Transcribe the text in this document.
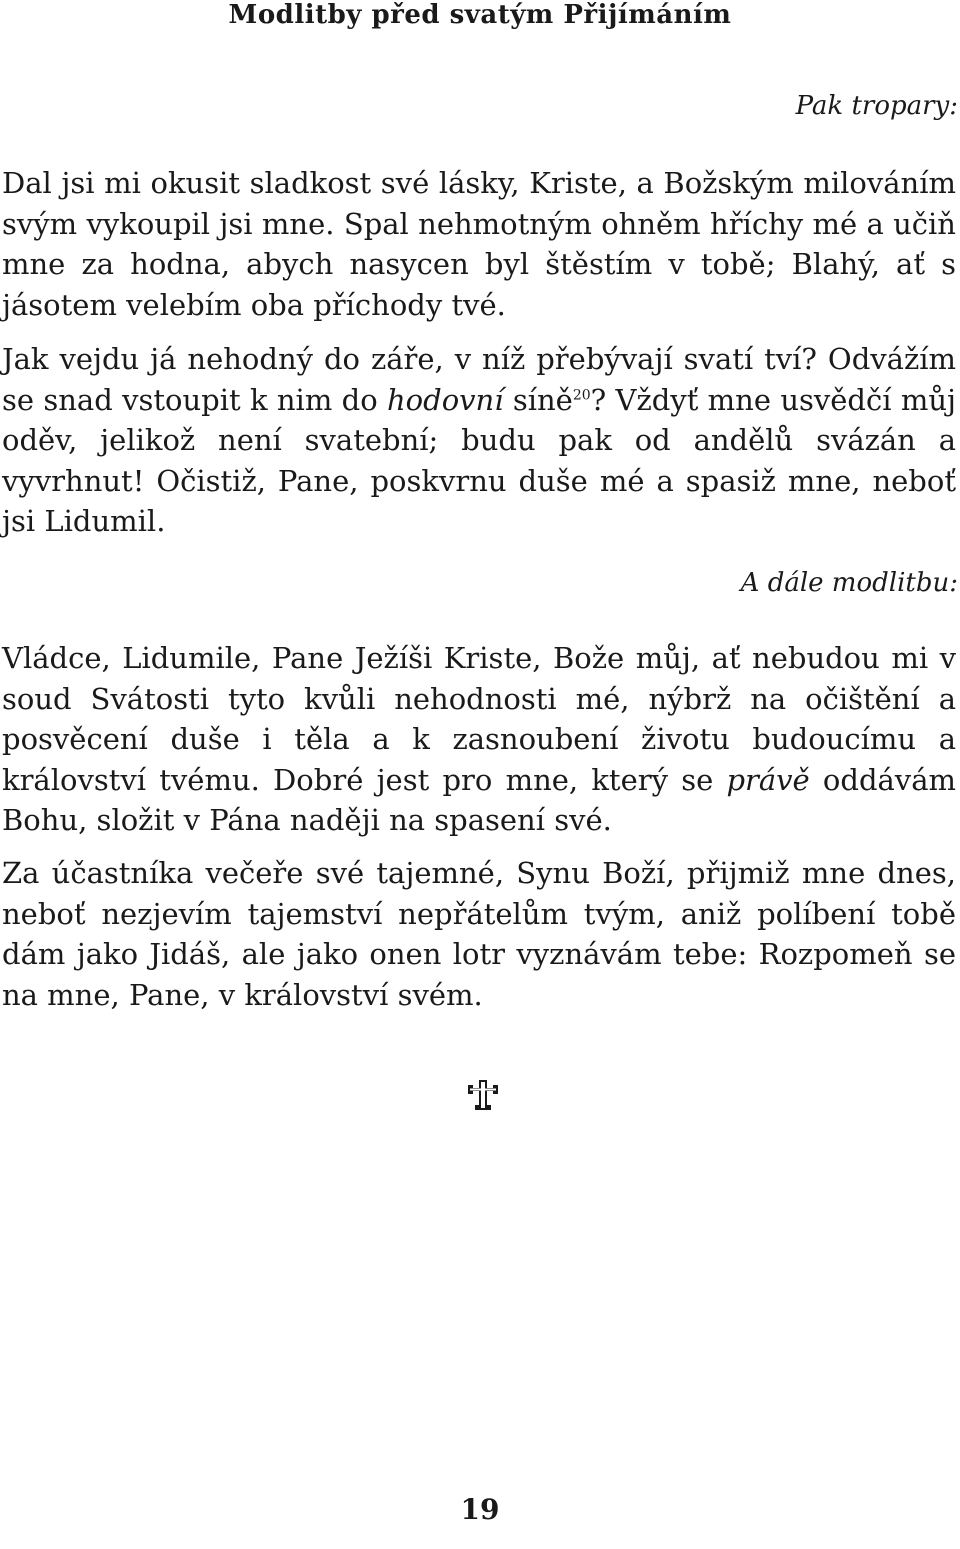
Modlitby před svatým Přijímáním
Pak tropary:

Dal jsi mi okusit sladkost své lásky, Kriste, a Božským milováním svým vykoupil jsi mne. Spal nehmotným ohněm hříchy mé a učiň mne za hodna, abych nasycen byl štěstím v tobě; Blahý, ať s jásotem velebím oba příchody tvé.

Jak vejdu já nehodný do záře, v níž přebývají svatí tví? Odvážím se snad vstoupit k nim do hodovní síně$^{20}$? Vždyť mne usvědčí můj oděv, jelikož není svatební; budu pak od andělů svázán a vyvrhnut! Očistiž, Pane, poskvrnu duše mé a spasiž mne, neboť jsi Lidumil.

A dále modlitbu:

Vládce, Lidumile, Pane Ježíši Kriste, Bože můj, ať nebudou mi v soud Svátosti tyto kvůli nehodnosti mé, nýbrž na očištění a posvěcení duše i těla a k zasnoubení životu budoucímu a království tvému. Dobré jest pro mne, který se právě oddávám Bohu, složit v Pána naději na spasení své.

Za účastníka večeře své tajemné, Synu Boží, přijmiž mne dnes, neboť nezjevím tajemství nepřátelům tvým, aniž políbení tobě dám jako Jidáš, ale jako onen lotr vyznávám tebe: Rozpomeň se na mne, Pane, v království svém.

19
